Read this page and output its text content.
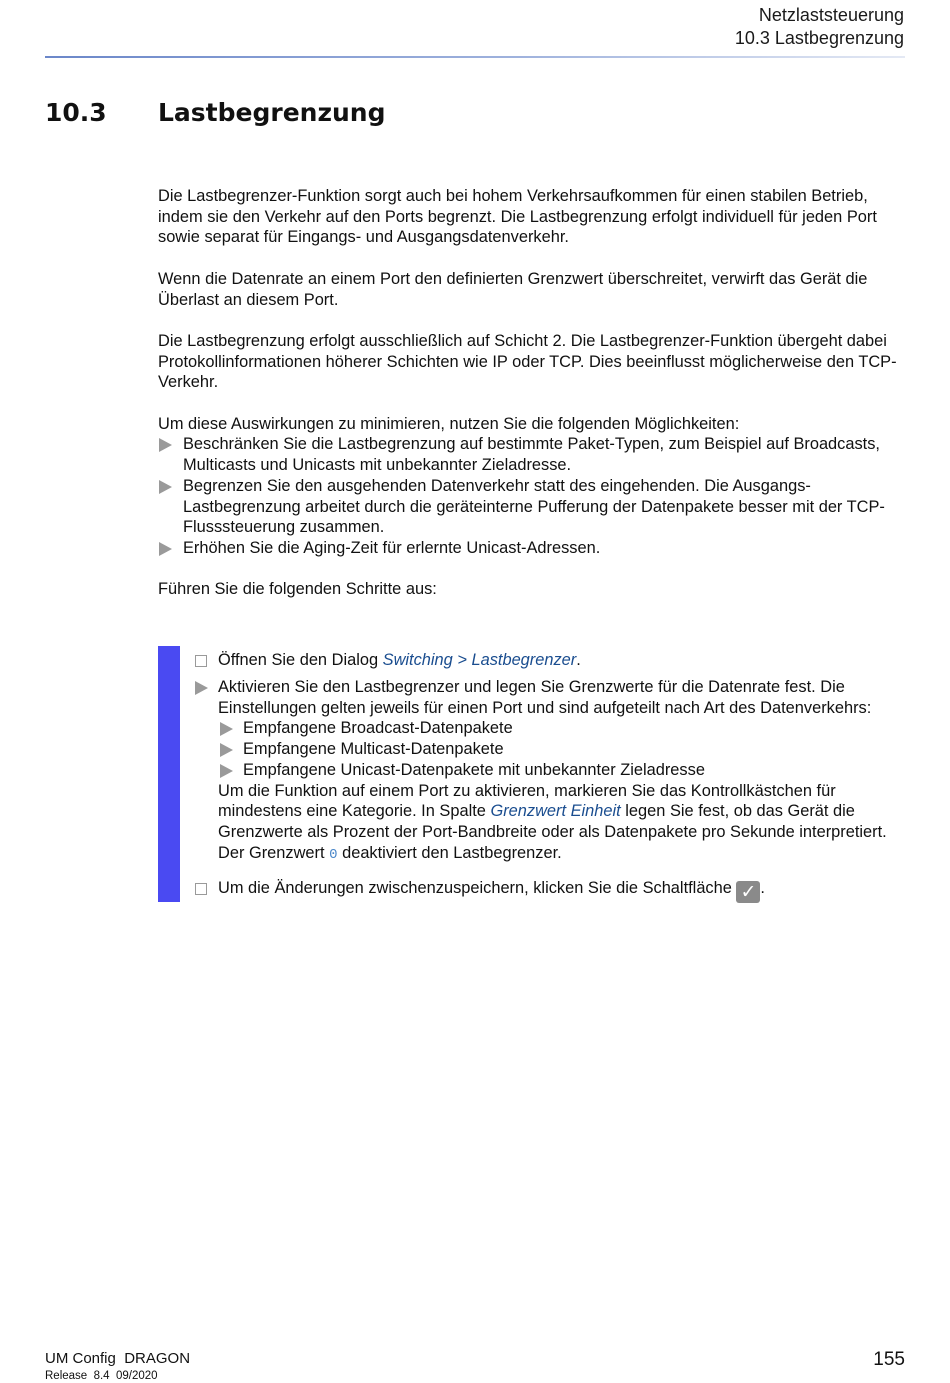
Netzlaststeuerung
10.3 Lastbegrenzung
10.3 Lastbegrenzung

Die Lastbegrenzer-Funktion sorgt auch bei hohem Verkehrsaufkommen für einen stabilen Betrieb, indem sie den Verkehr auf den Ports begrenzt. Die Lastbegrenzung erfolgt individuell für jeden Port sowie separat für Eingangs- und Ausgangsdatenverkehr.

Wenn die Datenrate an einem Port den definierten Grenzwert überschreitet, verwirft das Gerät die Überlast an diesem Port.

Die Lastbegrenzung erfolgt ausschließlich auf Schicht 2. Die Lastbegrenzer-Funktion übergeht dabei Protokollinformationen höherer Schichten wie IP oder TCP. Dies beeinflusst möglicherweise den TCP-Verkehr.

Um diese Auswirkungen zu minimieren, nutzen Sie die folgenden Möglichkeiten:
Beschränken Sie die Lastbegrenzung auf bestimmte Paket-Typen, zum Beispiel auf Broadcasts, Multicasts und Unicasts mit unbekannter Zieladresse.
Begrenzen Sie den ausgehenden Datenverkehr statt des eingehenden. Die Ausgangs-Lastbegrenzung arbeitet durch die geräteinterne Pufferung der Datenpakete besser mit der TCP-Flusssteuerung zusammen.
Erhöhen Sie die Aging-Zeit für erlernte Unicast-Adressen.
Führen Sie die folgenden Schritte aus:
Öffnen Sie den Dialog Switching > Lastbegrenzer.
Aktivieren Sie den Lastbegrenzer und legen Sie Grenzwerte für die Datenrate fest. Die Einstellungen gelten jeweils für einen Port und sind aufgeteilt nach Art des Datenverkehrs:
Empfangene Broadcast-Datenpakete
Empfangene Multicast-Datenpakete
Empfangene Unicast-Datenpakete mit unbekannter Zieladresse
Um die Funktion auf einem Port zu aktivieren, markieren Sie das Kontrollkästchen für mindestens eine Kategorie. In Spalte Grenzwert Einheit legen Sie fest, ob das Gerät die Grenzwerte als Prozent der Port-Bandbreite oder als Datenpakete pro Sekunde interpretiert. Der Grenzwert 0 deaktiviert den Lastbegrenzer.
Um die Änderungen zwischenzuspeichern, klicken Sie die Schaltfläche ✓ .
UM Config  DRAGON
Release  8.4  09/2020
155
